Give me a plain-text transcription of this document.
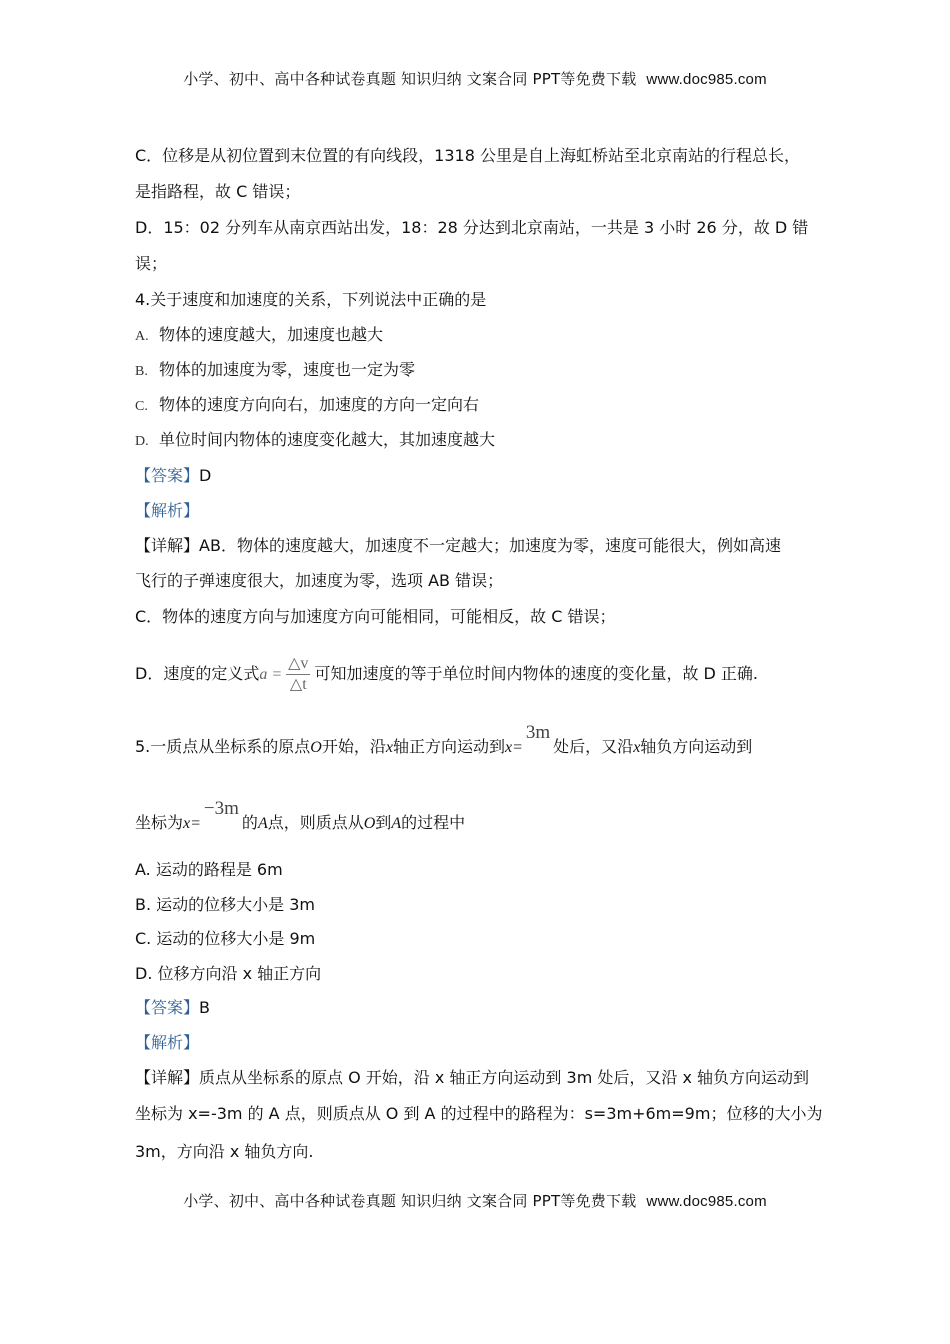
小学、初中、高中各种试卷真题 知识归纳 文案合同 PPT等免费下载 www.doc985.com
C．位移是从初位置到末位置的有向线段，1318 公里是自上海虹桥站至北京南站的行程总长，
是指路程，故 C 错误；
D．15：02 分列车从南京西站出发，18：28 分达到北京南站，一共是 3 小时 26 分，故 D 错
误；
4.关于速度和加速度的关系，下列说法中正确的是
A. 物体的速度越大，加速度也越大
B. 物体的加速度为零，速度也一定为零
C. 物体的速度方向向右，加速度的方向一定向右
D. 单位时间内物体的速度变化越大，其加速度越大
【答案】D
【解析】
【详解】AB．物体的速度越大，加速度不一定越大；加速度为零，速度可能很大，例如高速
飞行的子弹速度很大，加速度为零，选项 AB 错误；
C．物体的速度方向与加速度方向可能相同，可能相反，故 C 错误；
D．速度的定义式$a = \frac{\triangle v}{\triangle t}$ 可知加速度的等于单位时间内物体的速度的变化量，故 D 正确.
5.一质点从坐标系的原点O开始，沿x轴正方向运动到x=3m处后，又沿x轴负方向运动到
坐标为x=−3m的A点，则质点从O到A的过程中
A. 运动的路程是 6m
B. 运动的位移大小是 3m
C. 运动的位移大小是 9m
D. 位移方向沿 x 轴正方向
【答案】B
【解析】
【详解】质点从坐标系的原点 O 开始，沿 x 轴正方向运动到 3m 处后，又沿 x 轴负方向运动到
坐标为 x=-3m 的 A 点，则质点从 O 到 A 的过程中的路程为：s=3m+6m=9m；位移的大小为
3m，方向沿 x 轴负方向.
小学、初中、高中各种试卷真题 知识归纳 文案合同 PPT等免费下载 www.doc985.com
